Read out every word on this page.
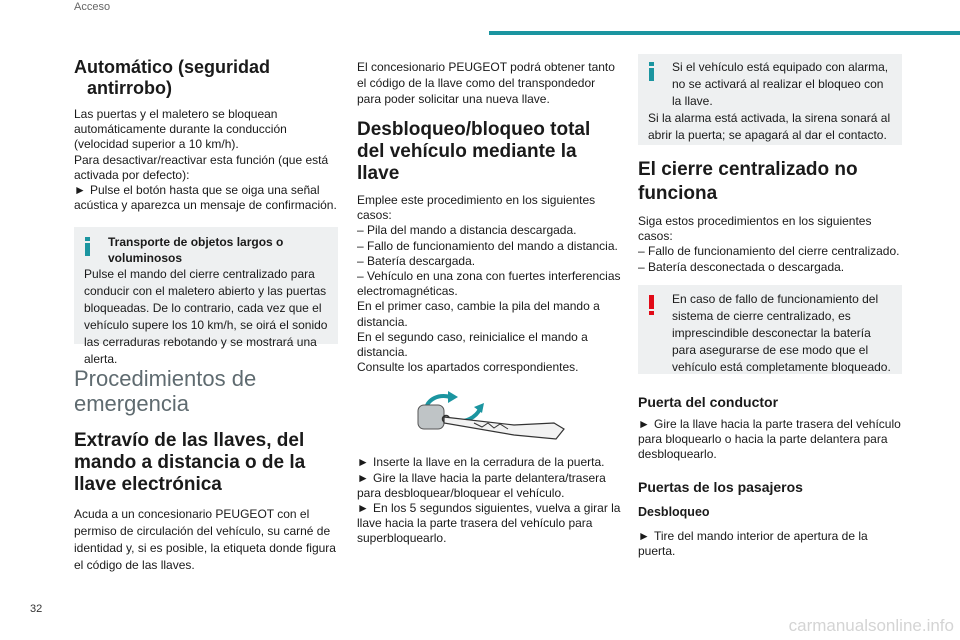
Acceso

Automático (seguridad antirrobo)

Las puertas y el maletero se bloquean automáticamente durante la conducción (velocidad superior a 10 km/h).

Para desactivar/reactivar esta función (que está activada por defecto):

► Pulse el botón hasta que se oiga una señal acústica y aparezca un mensaje de confirmación.

Transporte de objetos largos o voluminosos

Pulse el mando del cierre centralizado para conducir con el maletero abierto y las puertas bloqueadas. De lo contrario, cada vez que el vehículo supere los 10 km/h, se oirá el sonido las cerraduras rebotando y se mostrará una alerta.

Procedimientos de emergencia

Extravío de las llaves, del mando a distancia o de la llave electrónica

Acuda a un concesionario PEUGEOT con el permiso de circulación del vehículo, su carné de identidad y, si es posible, la etiqueta donde figura el código de las llaves.

El concesionario PEUGEOT podrá obtener tanto el código de la llave como del transpondedor para poder solicitar una nueva llave.

Desbloqueo/bloqueo total del vehículo mediante la llave

Emplee este procedimiento en los siguientes casos:

– Pila del mando a distancia descargada.

– Fallo de funcionamiento del mando a distancia.

– Batería descargada.

– Vehículo en una zona con fuertes interferencias electromagnéticas.

En el primer caso, cambie la pila del mando a distancia.

En el segundo caso, reinicialice el mando a distancia.

Consulte los apartados correspondientes.

► Inserte la llave en la cerradura de la puerta.

► Gire la llave hacia la parte delantera/trasera para desbloquear/bloquear el vehículo.

► En los 5 segundos siguientes, vuelva a girar la llave hacia la parte trasera del vehículo para superbloquearlo.

Si el vehículo está equipado con alarma, no se activará al realizar el bloqueo con la llave.

Si la alarma está activada, la sirena sonará al abrir la puerta; se apagará al dar el contacto.

El cierre centralizado no funciona

Siga estos procedimientos en los siguientes casos:

– Fallo de funcionamiento del cierre centralizado.

– Batería desconectada o descargada.

En caso de fallo de funcionamiento del sistema de cierre centralizado, es imprescindible desconectar la batería para asegurarse de ese modo que el vehículo está completamente bloqueado.

Puerta del conductor

► Gire la llave hacia la parte trasera del vehículo para bloquearlo o hacia la parte delantera para desbloquearlo.

Puertas de los pasajeros

Desbloqueo

► Tire del mando interior de apertura de la puerta.

32
carmanualsonline.info
